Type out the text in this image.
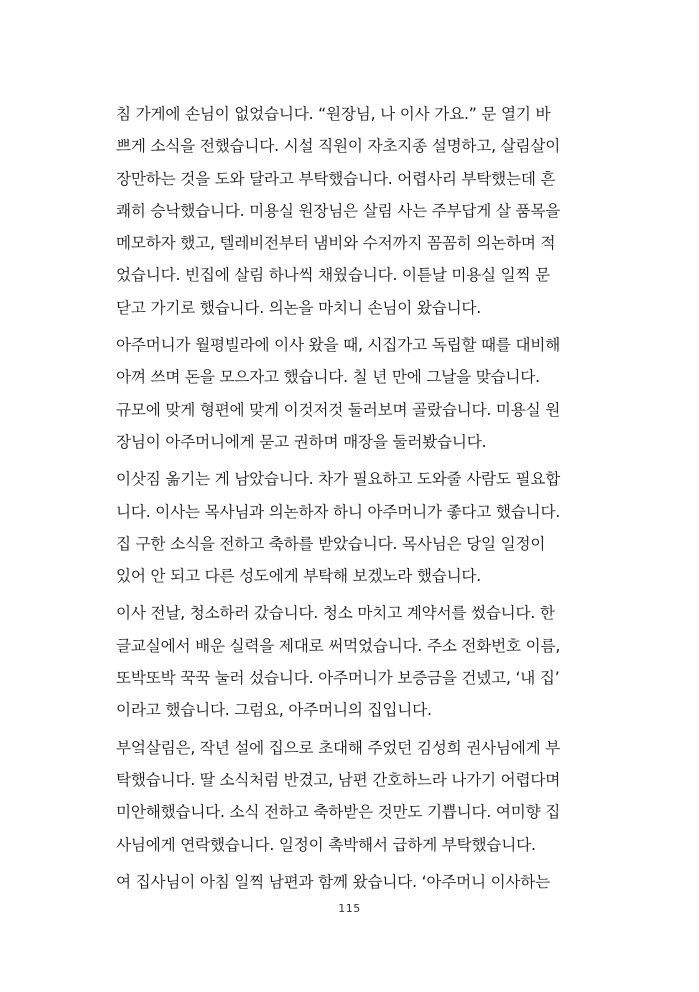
침 가게에 손님이 없었습니다. “원장님, 나 이사 가요.” 문 열기 바
쁘게 소식을 전했습니다. 시설 직원이 자초지종 설명하고, 살림살이
장만하는 것을 도와 달라고 부탁했습니다. 어렵사리 부탁했는데 흔
쾌히 승낙했습니다. 미용실 원장님은 살림 사는 주부답게 살 품목을
메모하자 했고, 텔레비전부터 냄비와 수저까지 꼼꼼히 의논하며 적
었습니다. 빈집에 살림 하나씩 채웠습니다. 이튿날 미용실 일찍 문
닫고 가기로 했습니다. 의논을 마치니 손님이 왔습니다.

아주머니가 월평빌라에 이사 왔을 때, 시집가고 독립할 때를 대비해
아껴 쓰며 돈을 모으자고 했습니다. 칠 년 만에 그날을 맞습니다.
규모에 맞게 형편에 맞게 이것저것 둘러보며 골랐습니다. 미용실 원
장님이 아주머니에게 묻고 권하며 매장을 둘러봤습니다.

이삿짐 옮기는 게 남았습니다. 차가 필요하고 도와줄 사람도 필요합
니다. 이사는 목사님과 의논하자 하니 아주머니가 좋다고 했습니다.
집 구한 소식을 전하고 축하를 받았습니다. 목사님은 당일 일정이
있어 안 되고 다른 성도에게 부탁해 보겠노라 했습니다.

이사 전날, 청소하러 갔습니다. 청소 마치고 계약서를 썼습니다. 한
글교실에서 배운 실력을 제대로 써먹었습니다. 주소 전화번호 이름,
또박또박 꾹꾹 눌러 섰습니다. 아주머니가 보증금을 건넸고, ‘내 집’
이라고 했습니다. 그럼요, 아주머니의 집입니다.

부엌살림은, 작년 설에 집으로 초대해 주었던 김성희 권사님에게 부
탁했습니다. 딸 소식처럼 반겼고, 남편 간호하느라 나가기 어렵다며
미안해했습니다. 소식 전하고 축하받은 것만도 기쁩니다. 여미향 집
사님에게 연락했습니다. 일정이 촉박해서 급하게 부탁했습니다.

여 집사님이 아침 일찍 남편과 함께 왔습니다. ‘아주머니 이사하는

115
